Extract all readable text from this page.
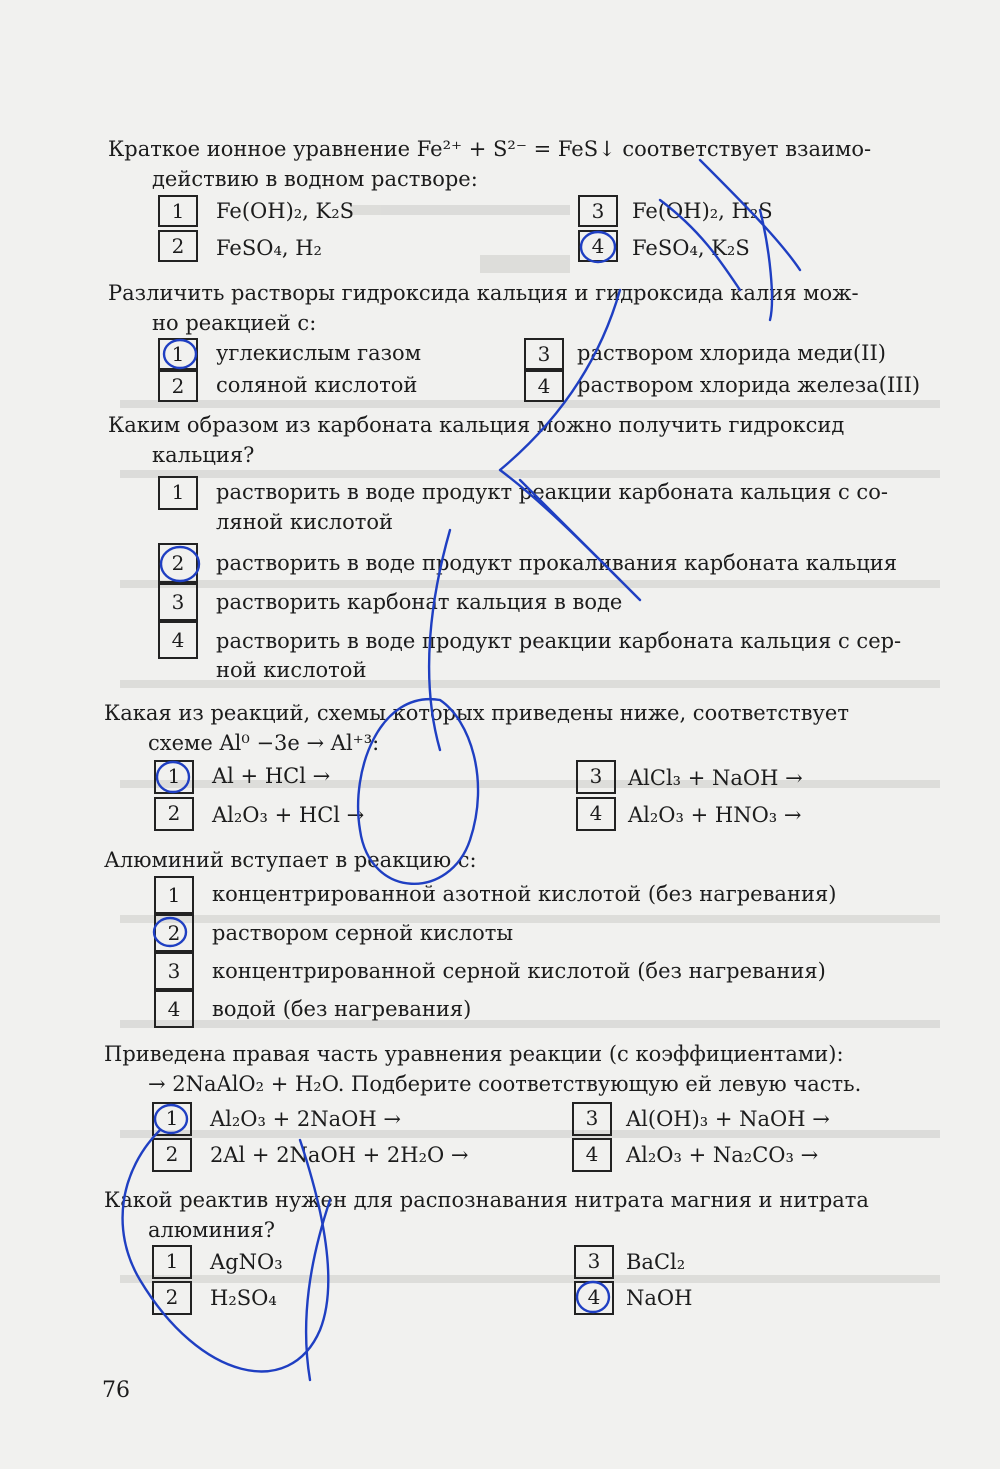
Краткое ионное уравнение Fe²⁺ + S²⁻ = FeS↓ соответствует взаимо-
действию в водном растворе:
1	Fe(OH)₂, K₂S
2	FeSO₄, H₂
3	Fe(OH)₂, H₂S
4	FeSO₄, K₂S
Различить растворы гидроксида кальция и гидроксида калия мож-
но реакцией с:
1	углекислым газом
2	соляной кислотой
3	раствором хлорида меди(II)
4	раствором хлорида железа(III)
Каким образом из карбоната кальция можно получить гидроксид
кальция?
1	растворить в воде продукт реакции карбоната кальция с со-
ляной кислотой
2	растворить в воде продукт прокаливания карбоната кальция
3	растворить карбонат кальция в воде
4	растворить в воде продукт реакции карбоната кальция с сер-
ной кислотой
Какая из реакций, схемы которых приведены ниже, соответствует
схеме Al⁰ −3e → Al⁺³:
1	Al + HCl →
2	Al₂O₃ + HCl →
3	AlCl₃ + NaOH →
4	Al₂O₃ + HNO₃ →
Алюминий вступает в реакцию с:
1	концентрированной азотной кислотой (без нагревания)
2	раствором серной кислоты
3	концентрированной серной кислотой (без нагревания)
4	водой (без нагревания)
Приведена правая часть уравнения реакции (с коэффициентами):
→ 2NaAlO₂ + H₂O. Подберите соответствующую ей левую часть.
1	Al₂O₃ + 2NaOH →
2	2Al + 2NaOH + 2H₂O →
3	Al(OH)₃ + NaOH →
4	Al₂O₃ + Na₂CO₃ →
Какой реактив нужен для распознавания нитрата магния и нитрата
алюминия?
1	AgNO₃
2	H₂SO₄
3	BaCl₂
4	NaOH
76
